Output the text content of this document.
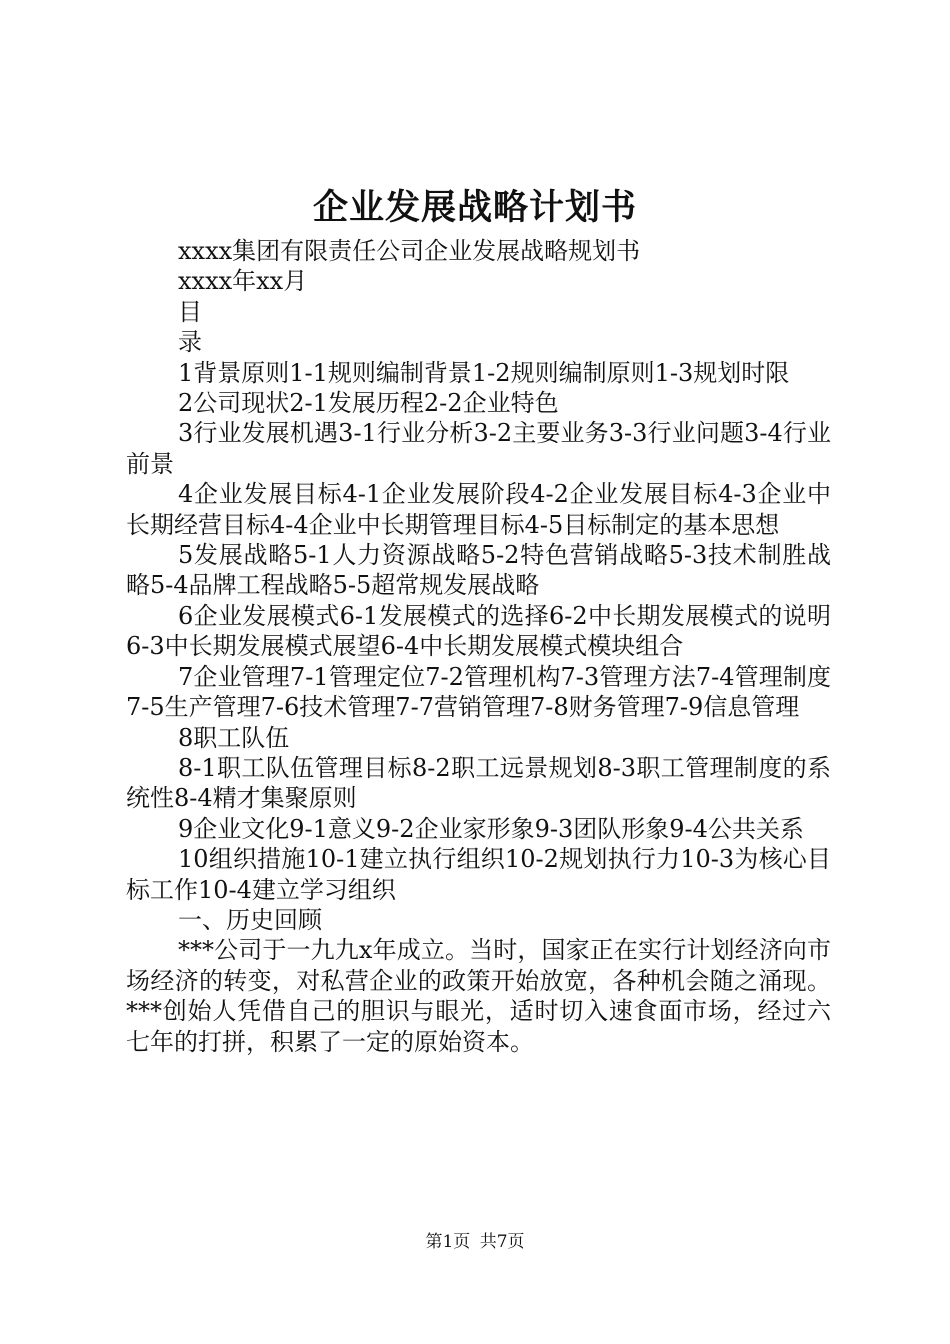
企业发展战略计划书

xxxx集团有限责任公司企业发展战略规划书

xxxx年xx月

目

录

1背景原则1-1规则编制背景1-2规则编制原则1-3规划时限

2公司现状2-1发展历程2-2企业特色

3行业发展机遇3-1行业分析3-2主要业务3-3行业问题3-4行业前景

4企业发展目标4-1企业发展阶段4-2企业发展目标4-3企业中长期经营目标4-4企业中长期管理目标4-5目标制定的基本思想

5发展战略5-1人力资源战略5-2特色营销战略5-3技术制胜战略5-4品牌工程战略5-5超常规发展战略

6企业发展模式6-1发展模式的选择6-2中长期发展模式的说明6-3中长期发展模式展望6-4中长期发展模式模块组合

7企业管理7-1管理定位7-2管理机构7-3管理方法7-4管理制度7-5生产管理7-6技术管理7-7营销管理7-8财务管理7-9信息管理

8职工队伍

8-1职工队伍管理目标8-2职工远景规划8-3职工管理制度的系统性8-4精才集聚原则

9企业文化9-1意义9-2企业家形象9-3团队形象9-4公共关系

10组织措施10-1建立执行组织10-2规划执行力10-3为核心目标工作10-4建立学习组织

一、历史回顾

***公司于一九九x年成立。当时，国家正在实行计划经济向市场经济的转变，对私营企业的政策开始放宽，各种机会随之涌现。***创始人凭借自己的胆识与眼光，适时切入速食面市场，经过六七年的打拼，积累了一定的原始资本。

第1页 共7页
